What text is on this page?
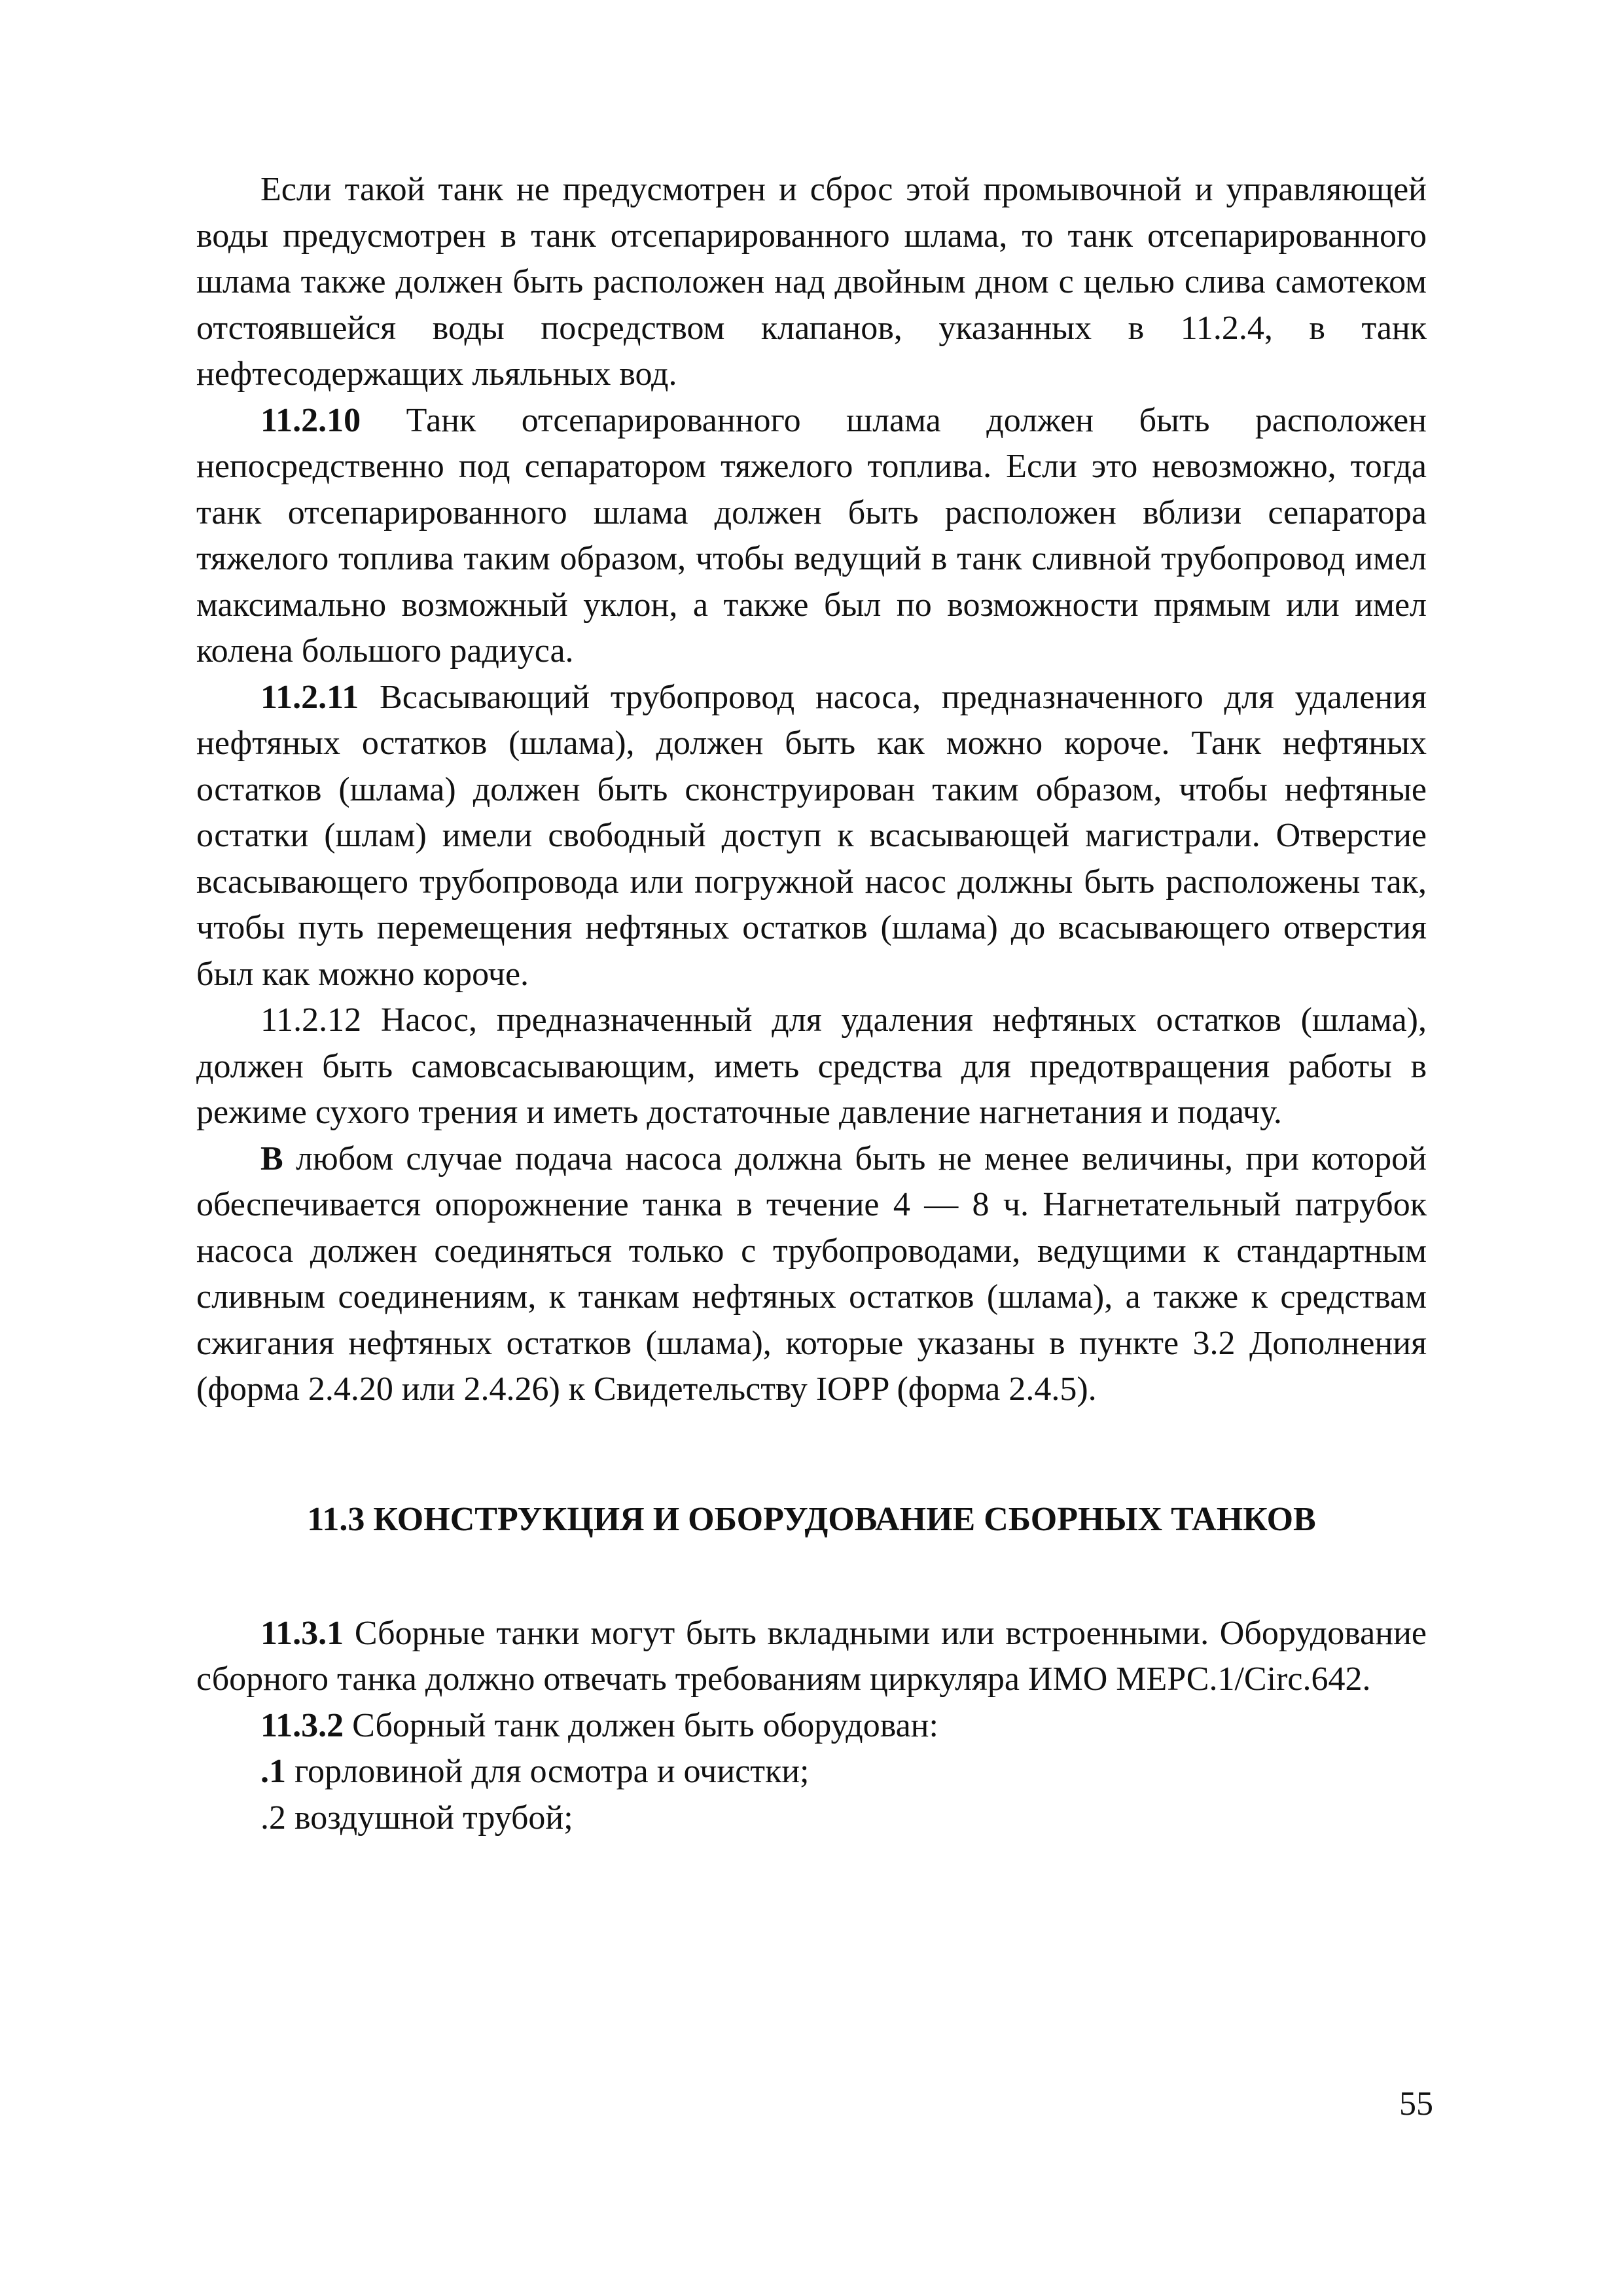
Если такой танк не предусмотрен и сброс этой промывочной и управляющей воды предусмотрен в танк отсепарированного шлама, то танк отсепарированного шлама также должен быть расположен над двойным дном с целью слива самотеком отстоявшейся воды посредством клапанов, указанных в 11.2.4, в танк нефтесодержащих льяльных вод.

11.2.10 Танк отсепарированного шлама должен быть расположен непосредственно под сепаратором тяжелого топлива. Если это невозможно, тогда танк отсепарированного шлама должен быть расположен вблизи сепаратора тяжелого топлива таким образом, чтобы ведущий в танк сливной трубопровод имел максимально возможный уклон, а также был по возможности прямым или имел колена большого радиуса.

11.2.11 Всасывающий трубопровод насоса, предназначенного для удаления нефтяных остатков (шлама), должен быть как можно короче. Танк нефтяных остатков (шлама) должен быть сконструирован таким образом, чтобы нефтяные остатки (шлам) имели свободный доступ к всасывающей магистрали. Отверстие всасывающего трубопровода или погружной насос должны быть расположены так, чтобы путь перемещения нефтяных остатков (шлама) до всасывающего отверстия был как можно короче.

11.2.12 Насос, предназначенный для удаления нефтяных остатков (шлама), должен быть самовсасывающим, иметь средства для предотвращения работы в режиме сухого трения и иметь достаточные давление нагнетания и подачу.

В любом случае подача насоса должна быть не менее величины, при которой обеспечивается опорожнение танка в течение 4 — 8 ч. Нагнетательный патрубок насоса должен соединяться только с трубопроводами, ведущими к стандартным сливным соединениям, к танкам нефтяных остатков (шлама), а также к средствам сжигания нефтяных остатков (шлама), которые указаны в пункте 3.2 Дополнения (форма 2.4.20 или 2.4.26) к Свидетельству IOPP (форма 2.4.5).

11.3 КОНСТРУКЦИЯ И ОБОРУДОВАНИЕ СБОРНЫХ ТАНКОВ

11.3.1 Сборные танки могут быть вкладными или встроенными. Оборудование сборного танка должно отвечать требованиям циркуляра ИМО МЕРС.1/Circ.642.

11.3.2 Сборный танк должен быть оборудован:

.1 горловиной для осмотра и очистки;

.2 воздушной трубой;

55
